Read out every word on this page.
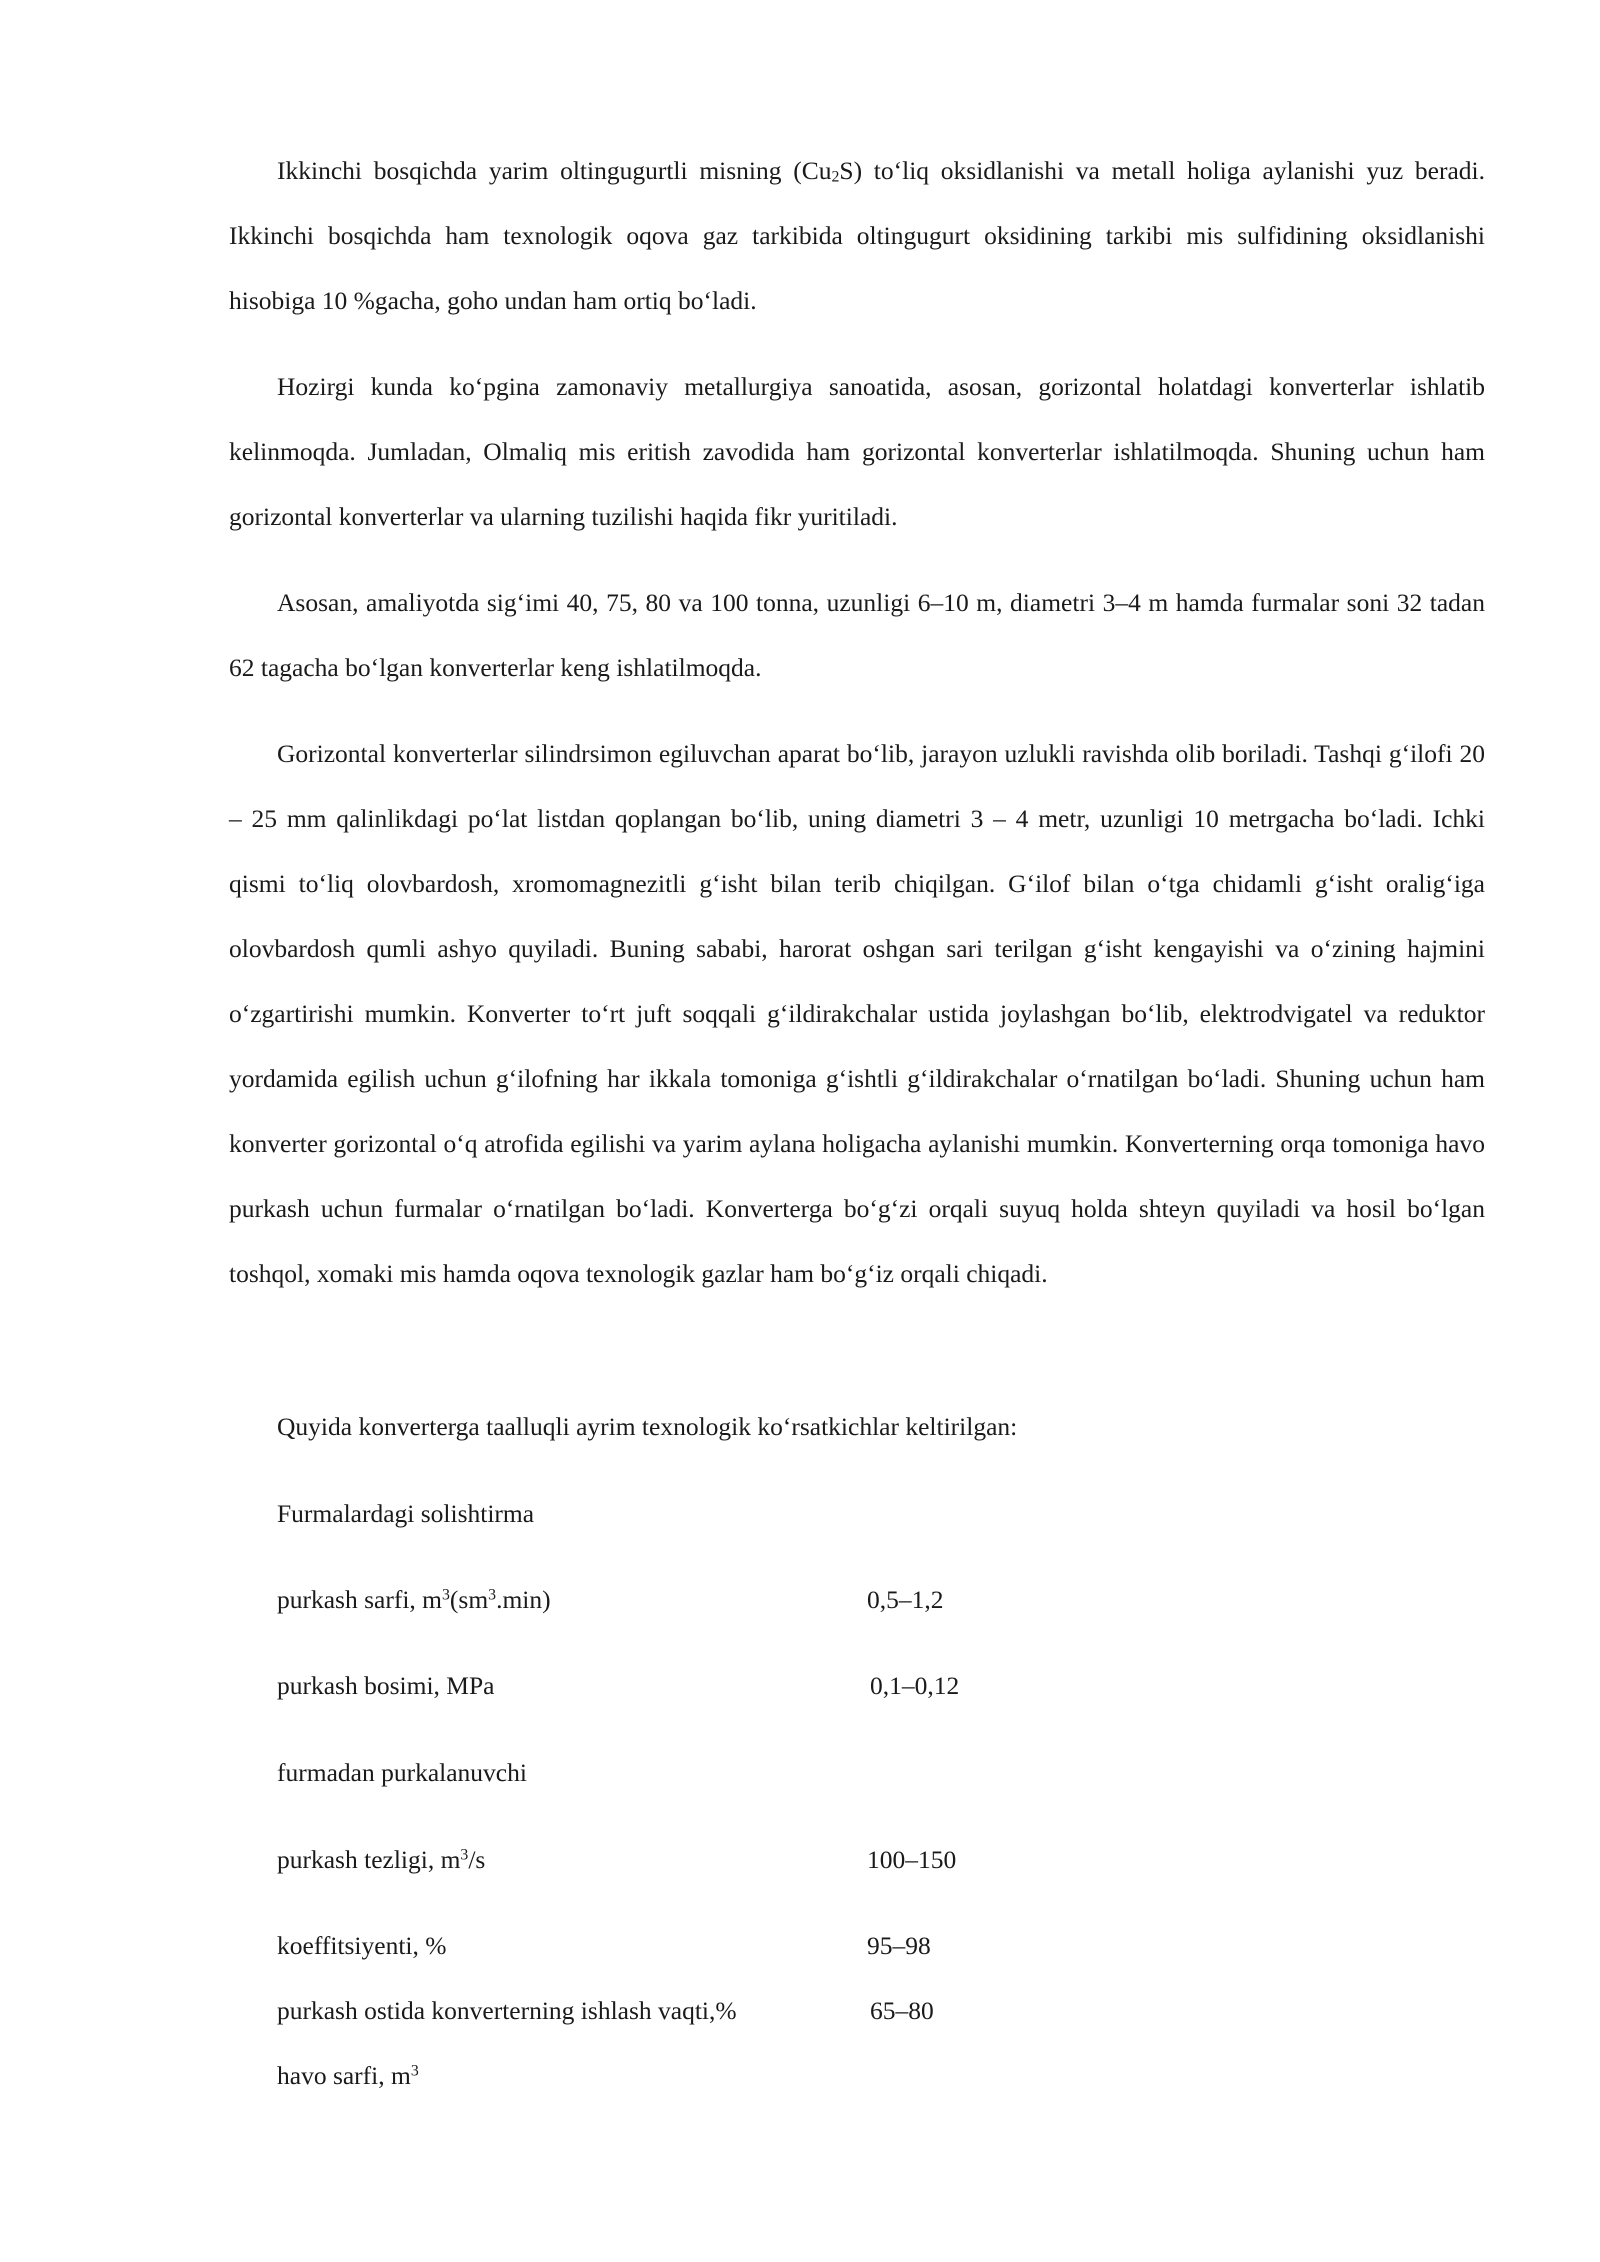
Ikkinchi bosqichda yarim oltingugurtli misning $(Cu_2S)$ to‘liq oksidlanishi va metall holiga aylanishi yuz beradi. Ikkinchi bosqichda ham texnologik oqova gaz tarkibida oltingugurt oksidining tarkibi mis sulfidining oksidlanishi hisobiga 10 %gacha, goho undan ham ortiq bo‘ladi.

Hozirgi kunda ko‘pgina zamonaviy metallurgiya sanoatida, asosan, gorizontal holatdagi konverterlar ishlatib kelinmoqda. Jumladan, Olmaliq mis eritish zavodida ham gorizontal konverterlar ishlatilmoqda. Shuning uchun ham gorizontal konverterlar va ularning tuzilishi haqida fikr yuritiladi.

Asosan, amaliyotda sig‘imi 40, 75, 80 va 100 tonna, uzunligi 6–10 m, diametri 3–4 m hamda furmalar soni 32 tadan 62 tagacha bo‘lgan konverterlar keng ishlatilmoqda.

Gorizontal konverterlar silindrsimon egiluvchan aparat bo‘lib, jarayon uzlukli ravishda olib boriladi. Tashqi g‘ilofi 20 – 25 mm qalinlikdagi po‘lat listdan qoplangan bo‘lib, uning diametri 3 – 4 metr, uzunligi 10 metrgacha bo‘ladi. Ichki qismi to‘liq olovbardosh, xromomagnezitli g‘isht bilan terib chiqilgan. G‘ilof bilan o‘tga chidamli g‘isht oralig‘iga olovbardosh qumli ashyo quyiladi. Buning sababi, harorat oshgan sari terilgan g‘isht kengayishi va o‘zining hajmini o‘zgartirishi mumkin. Konverter to‘rt juft soqqali g‘ildirakchalar ustida joylashgan bo‘lib, elektrodvigatel va reduktor yordamida egilish uchun g‘ilofning har ikkala tomoniga g‘ishtli g‘ildirakchalar o‘rnatilgan bo‘ladi. Shuning uchun ham konverter gorizontal o‘q atrofida egilishi va yarim aylana holigacha aylanishi mumkin. Konverterning orqa tomoniga havo purkash uchun furmalar o‘rnatilgan bo‘ladi. Konverterga bo‘g‘zi orqali suyuq holda shteyn quyiladi va hosil bo‘lgan toshqol, xomaki mis hamda oqova texnologik gazlar ham bo‘g‘iz orqali chiqadi.

Quyida konverterga taalluqli ayrim texnologik ko‘rsatkichlar keltirilgan:

Furmalardagi solishtirma
purkash sarfi, $m^3(sm^3.\min)$	0,5–1,2
purkash bosimi, MPa	0,1–0,12
furmadan purkalanuvchi
purkash tezligi, $m^3/s$	100–150
koeffitsiyenti, %	95–98
purkash ostida konverterning ishlash vaqti,%	65–80
havo sarfi, $m^3$
